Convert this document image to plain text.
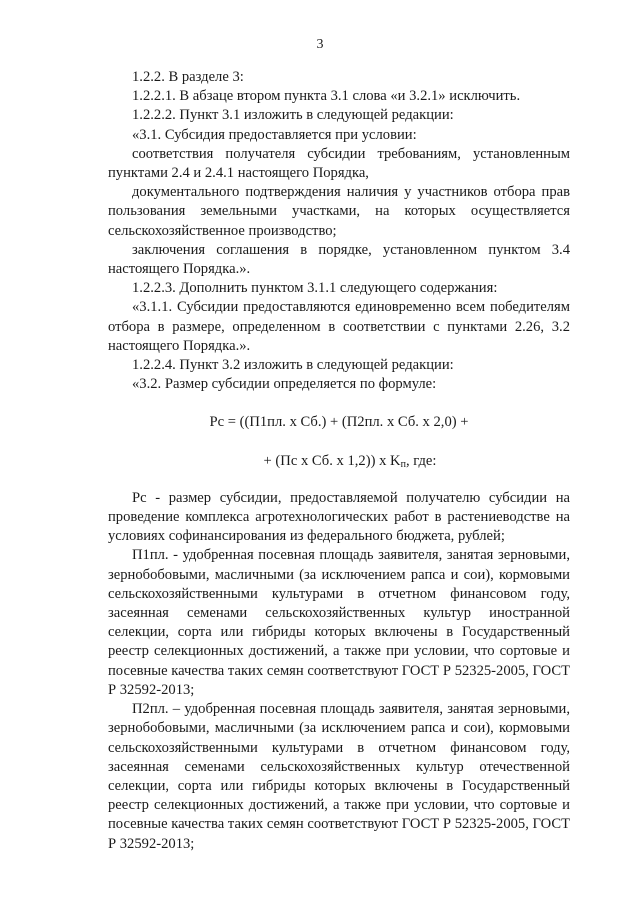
3

1.2.2. В разделе 3:

1.2.2.1. В абзаце втором пункта 3.1 слова «и 3.2.1» исключить.

1.2.2.2. Пункт 3.1 изложить в следующей редакции:

«3.1. Субсидия предоставляется при условии:

соответствия получателя субсидии требованиям, установленным пунктами 2.4 и 2.4.1 настоящего Порядка,

документального подтверждения наличия у участников отбора прав пользования земельными участками, на которых осуществляется сельскохозяйственное производство;

заключения соглашения в порядке, установленном пунктом 3.4 настоящего Порядка.».

1.2.2.3. Дополнить пунктом 3.1.1 следующего содержания:

«3.1.1. Субсидии предоставляются единовременно всем победителям отбора в размере, определенном в соответствии с пунктами 2.26, 3.2 настоящего Порядка.».

1.2.2.4. Пункт 3.2 изложить в следующей редакции:

«3.2. Размер субсидии определяется по формуле:

Рс = ((П1пл. х Сб.) + (П2пл. х Сб. х 2,0) +

+ (Пс х Сб. х 1,2)) х $K_п$, где:

Рс - размер субсидии, предоставляемой получателю субсидии на проведение комплекса агротехнологических работ в растениеводстве на условиях софинансирования из федерального бюджета, рублей;

П1пл. - удобренная посевная площадь заявителя, занятая зерновыми, зернобобовыми, масличными (за исключением рапса и сои), кормовыми сельскохозяйственными культурами в отчетном финансовом году, засеянная семенами сельскохозяйственных культур иностранной селекции, сорта или гибриды которых включены в Государственный реестр селекционных достижений, а также при условии, что сортовые и посевные качества таких семян соответствуют ГОСТ Р 52325-2005, ГОСТ Р 32592-2013;

П2пл. – удобренная посевная площадь заявителя, занятая зерновыми, зернобобовыми, масличными (за исключением рапса и сои), кормовыми сельскохозяйственными культурами в отчетном финансовом году, засеянная семенами сельскохозяйственных культур отечественной селекции, сорта или гибриды которых включены в Государственный реестр селекционных достижений, а также при условии, что сортовые и посевные качества таких семян соответствуют ГОСТ Р 52325-2005, ГОСТ Р 32592-2013;
